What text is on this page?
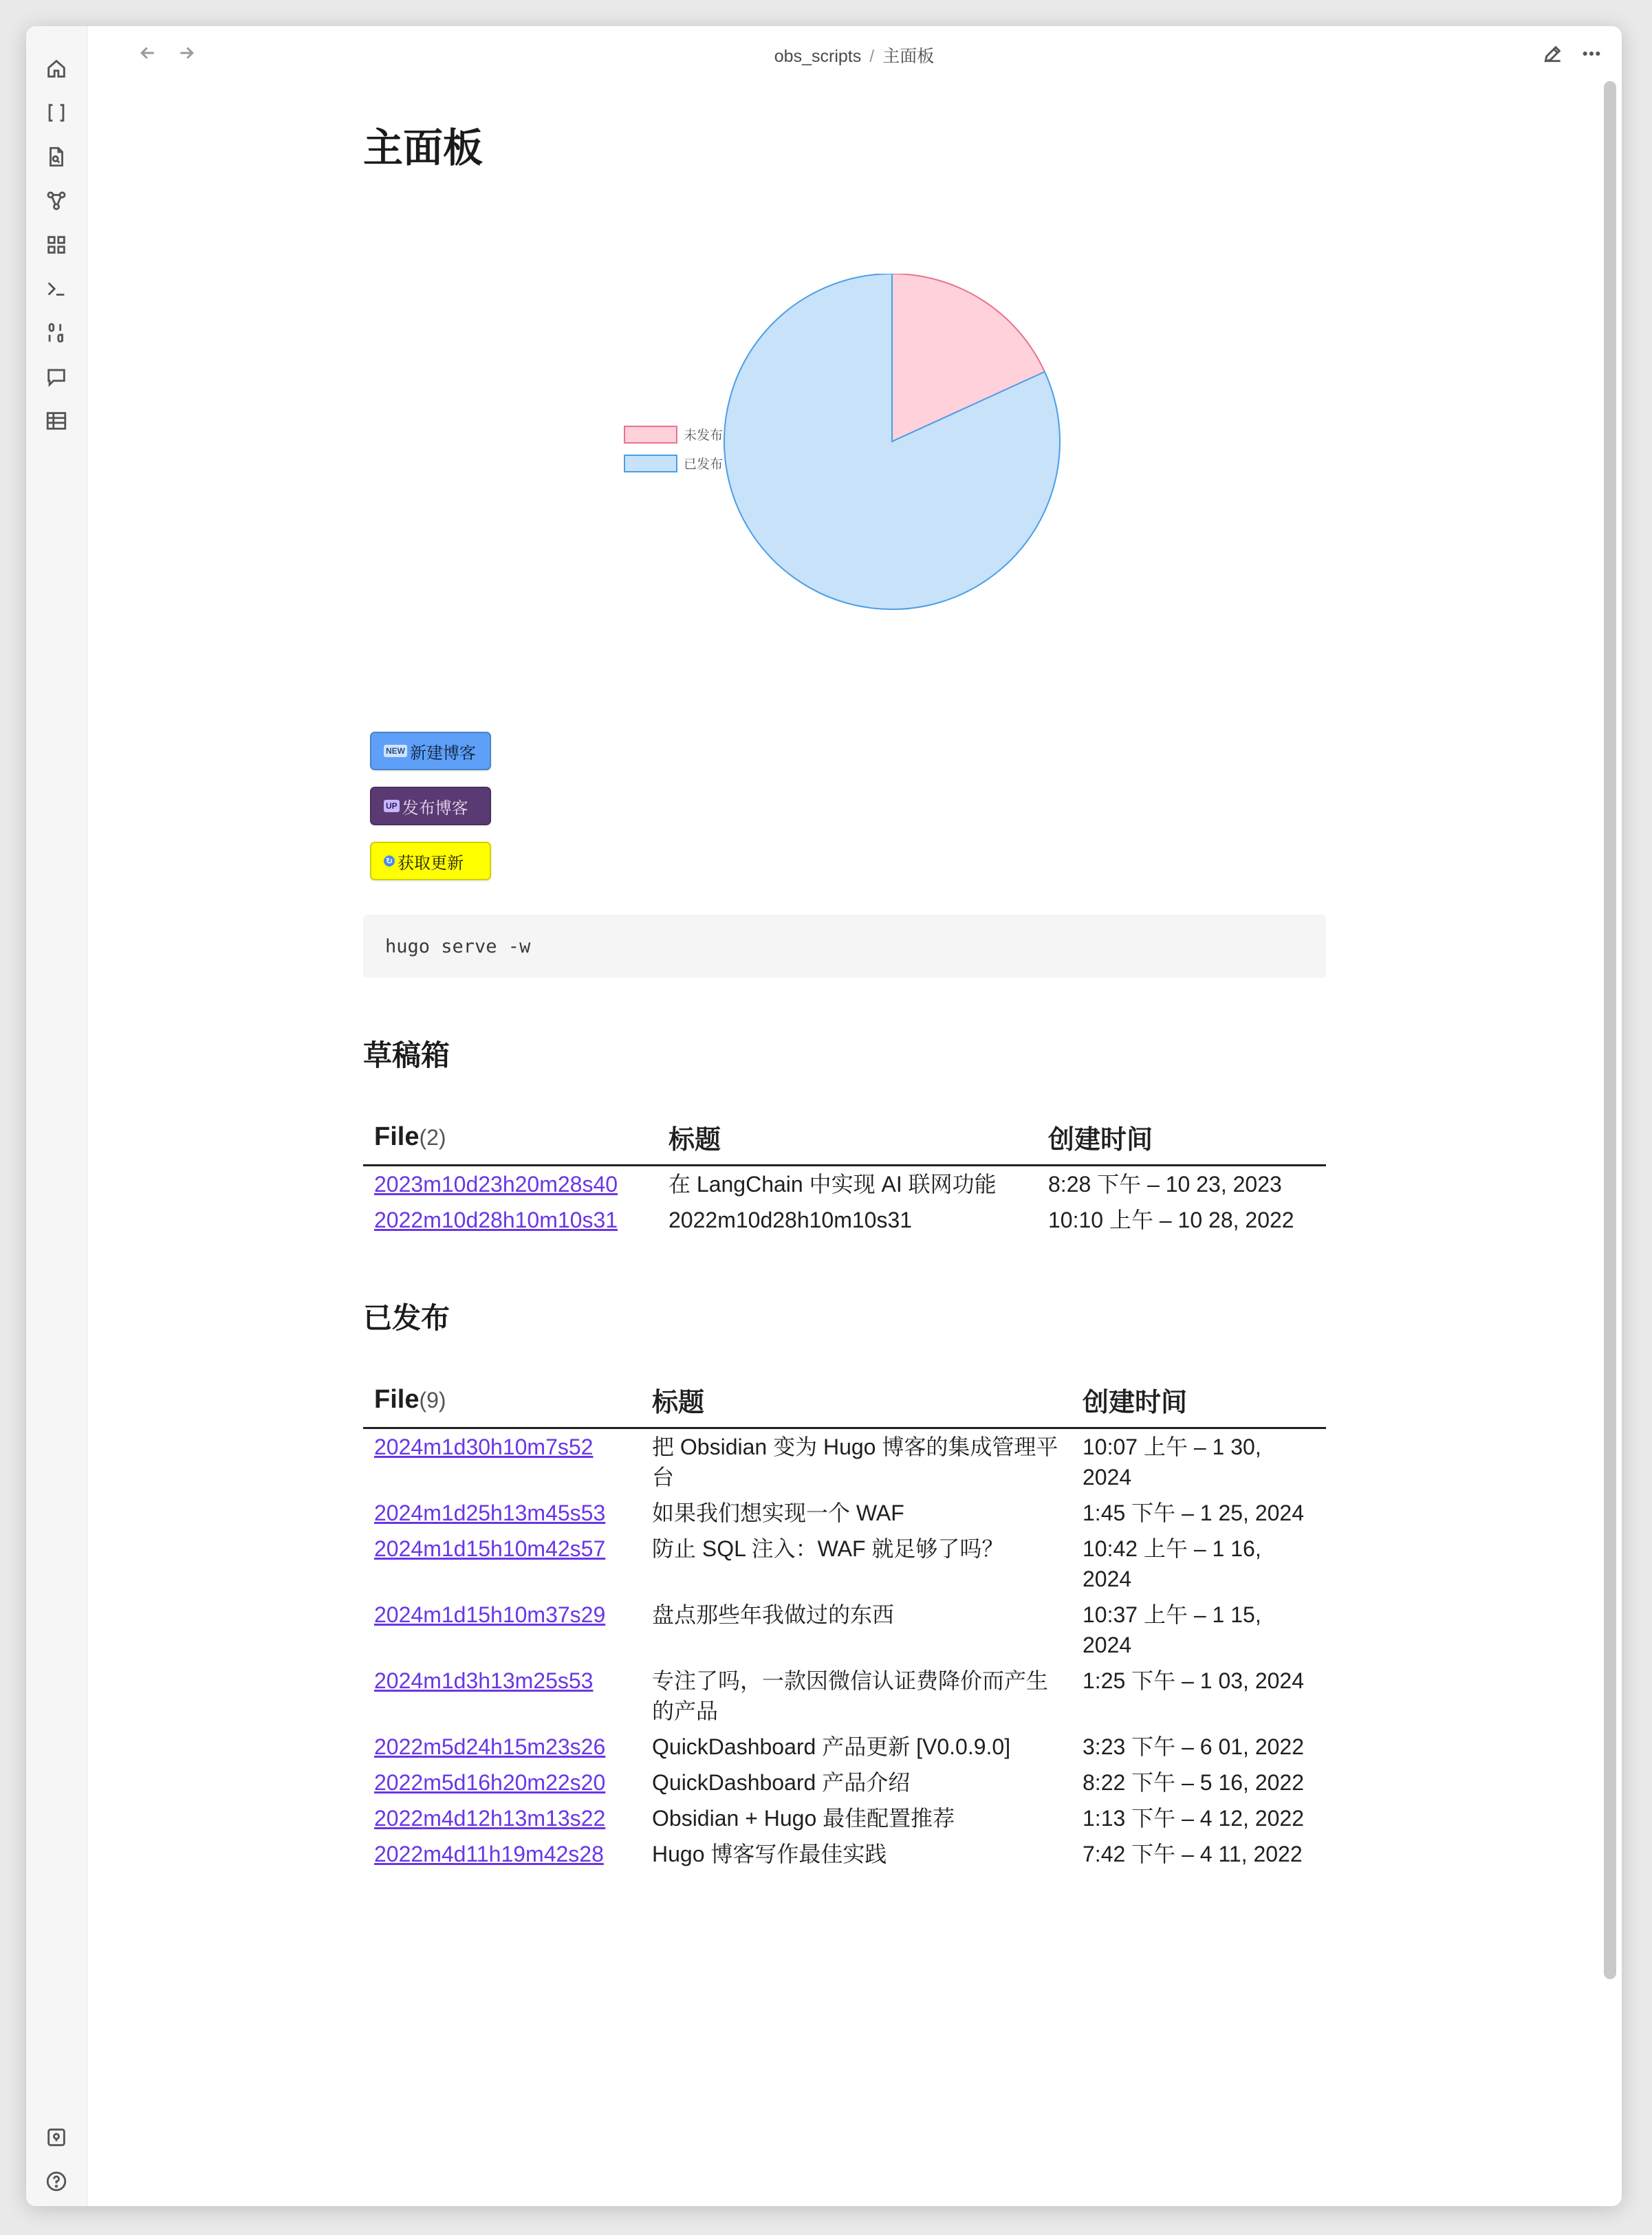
obs_scripts / 主面板
主面板
未发布
已发布
NEW 新建博客
UP 发布博客
↻ 获取更新
hugo serve -w
草稿箱
File(2)	标题	创建时间
2023m10d23h20m28s40	在 LangChain 中实现 AI 联网功能	8:28 下午 – 10 23, 2023
2022m10d28h10m10s31	2022m10d28h10m10s31	10:10 上午 – 10 28, 2022
已发布
File(9)	标题	创建时间
2024m1d30h10m7s52	把 Obsidian 变为 Hugo 博客的集成管理平台	10:07 上午 – 1 30, 2024
2024m1d25h13m45s53	如果我们想实现一个 WAF	1:45 下午 – 1 25, 2024
2024m1d15h10m42s57	防止 SQL 注入：WAF 就足够了吗？	10:42 上午 – 1 16, 2024
2024m1d15h10m37s29	盘点那些年我做过的东西	10:37 上午 – 1 15, 2024
2024m1d3h13m25s53	专注了吗，一款因微信认证费降价而产生的产品	1:25 下午 – 1 03, 2024
2022m5d24h15m23s26	QuickDashboard 产品更新 [V0.0.9.0]	3:23 下午 – 6 01, 2022
2022m5d16h20m22s20	QuickDashboard 产品介绍	8:22 下午 – 5 16, 2022
2022m4d12h13m13s22	Obsidian + Hugo 最佳配置推荐	1:13 下午 – 4 12, 2022
2022m4d11h19m42s28	Hugo 博客写作最佳实践	7:42 下午 – 4 11, 2022
